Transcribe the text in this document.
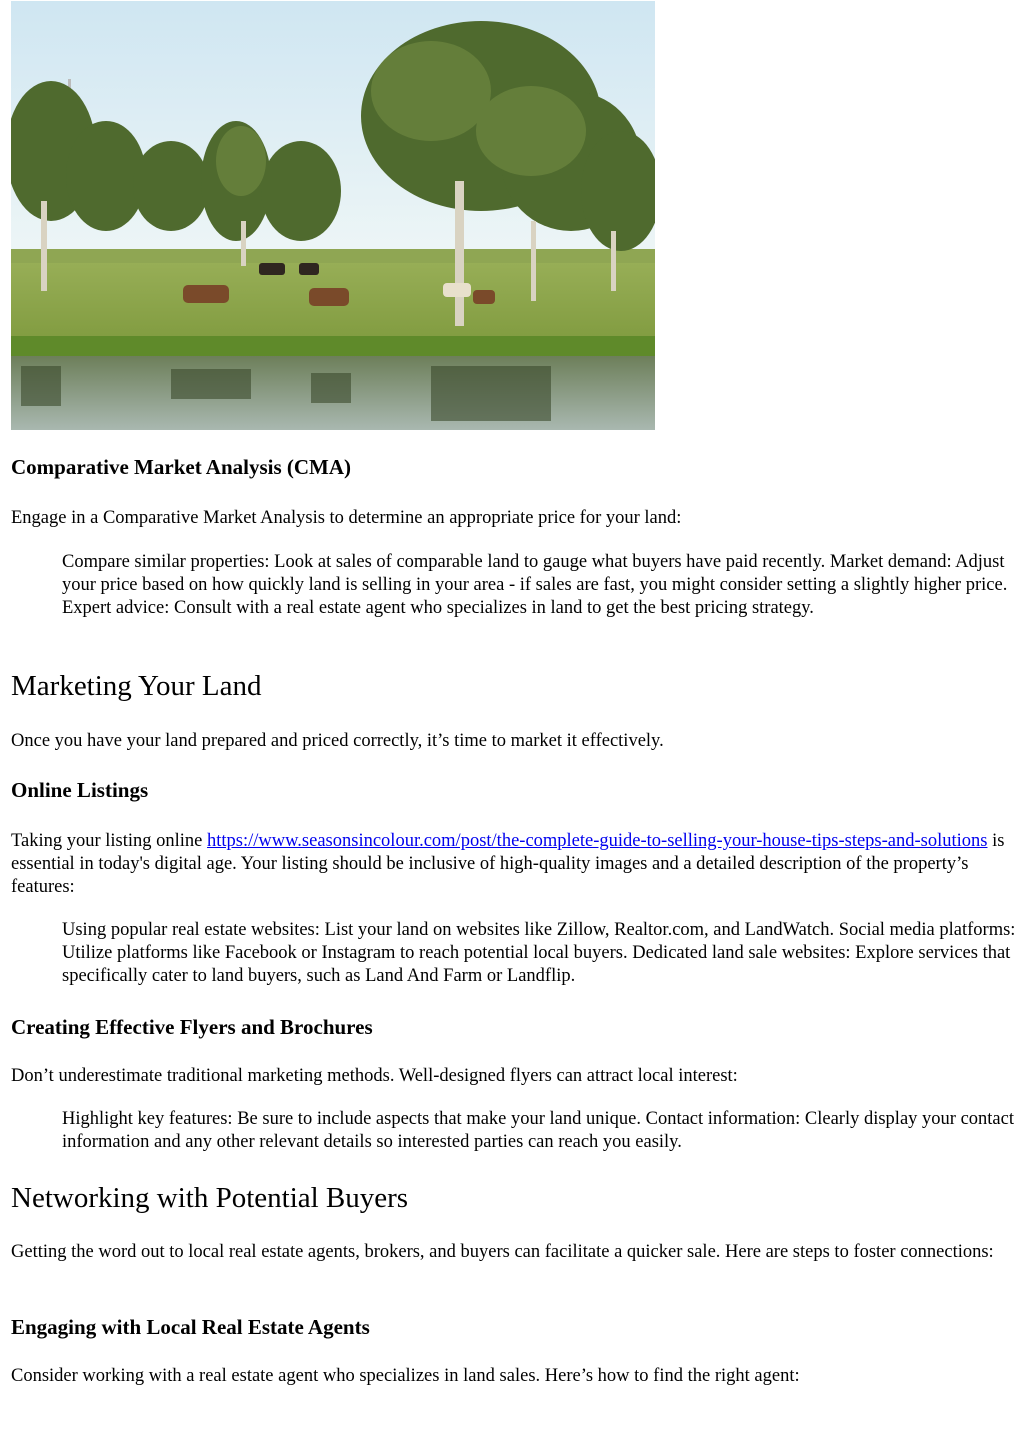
Comparative Market Analysis (CMA)

Engage in a Comparative Market Analysis to determine an appropriate price for your land:

Compare similar properties: Look at sales of comparable land to gauge what buyers have paid recently. Market demand: Adjust your price based on how quickly land is selling in your area - if sales are fast, you might consider setting a slightly higher price. Expert advice: Consult with a real estate agent who specializes in land to get the best pricing strategy.

Marketing Your Land

Once you have your land prepared and priced correctly, it’s time to market it effectively.

Online Listings

Taking your listing online https://www.seasonsincolour.com/post/the-complete-guide-to-selling-your-house-tips-steps-and-solutions is essential in today's digital age. Your listing should be inclusive of high-quality images and a detailed description of the property’s features:

Using popular real estate websites: List your land on websites like Zillow, Realtor.com, and LandWatch. Social media platforms: Utilize platforms like Facebook or Instagram to reach potential local buyers. Dedicated land sale websites: Explore services that specifically cater to land buyers, such as Land And Farm or Landflip.

Creating Effective Flyers and Brochures

Don’t underestimate traditional marketing methods. Well-designed flyers can attract local interest:

Highlight key features: Be sure to include aspects that make your land unique. Contact information: Clearly display your contact information and any other relevant details so interested parties can reach you easily.

Networking with Potential Buyers

Getting the word out to local real estate agents, brokers, and buyers can facilitate a quicker sale. Here are steps to foster connections:

Engaging with Local Real Estate Agents

Consider working with a real estate agent who specializes in land sales. Here’s how to find the right agent:
